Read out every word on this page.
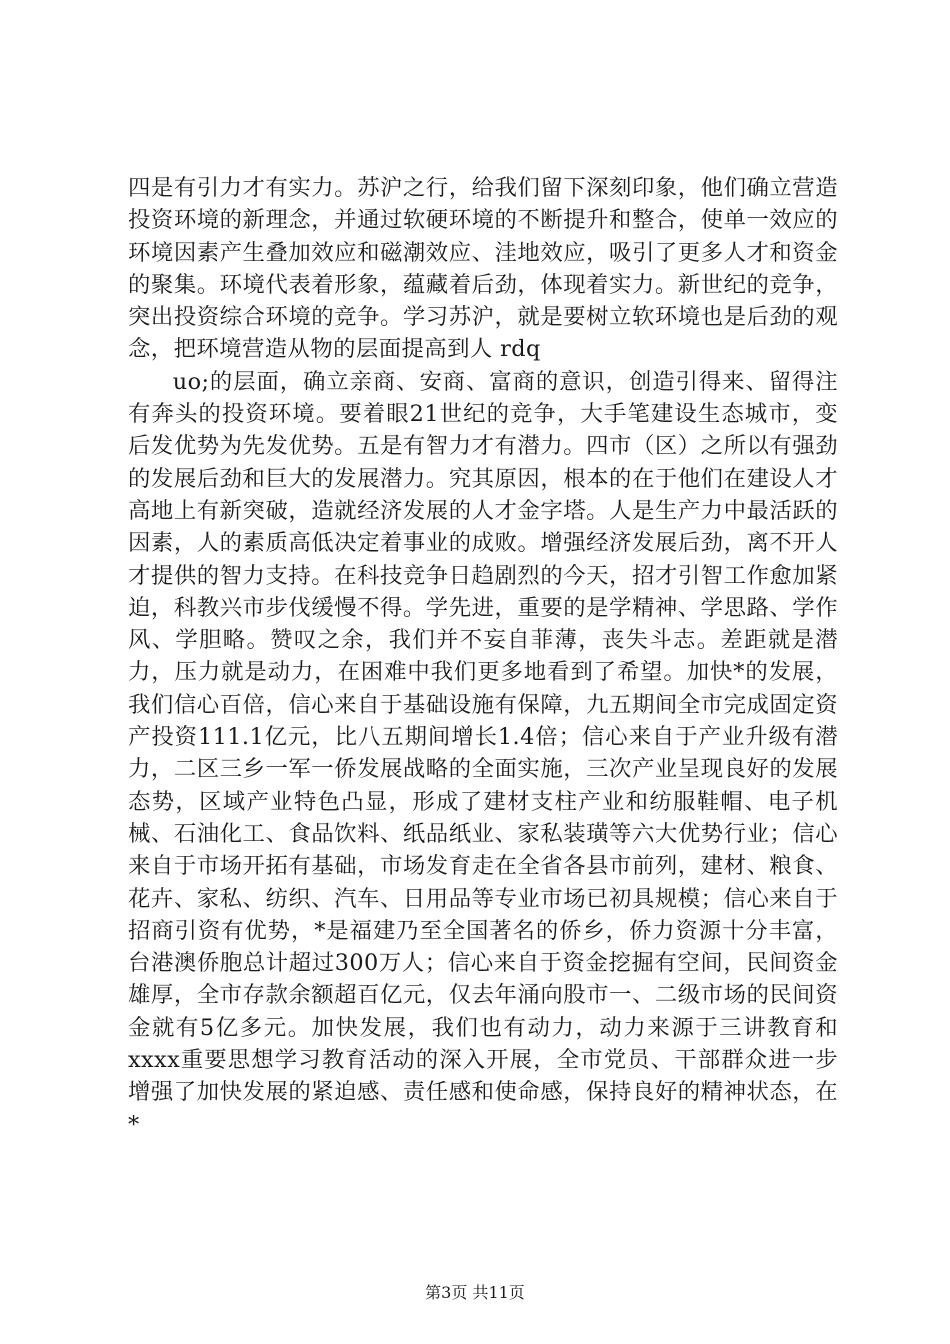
四是有引力才有实力。苏沪之行，给我们留下深刻印象，他们确立营造投资环境的新理念，并通过软硬环境的不断提升和整合，使单一效应的环境因素产生叠加效应和磁潮效应、洼地效应，吸引了更多人才和资金的聚集。环境代表着形象，蕴藏着后劲，体现着实力。新世纪的竞争，突出投资综合环境的竞争。学习苏沪，就是要树立软环境也是后劲的观念，把环境营造从物的层面提高到人 rdq

uo;的层面，确立亲商、安商、富商的意识，创造引得来、留得注有奔头的投资环境。要着眼21世纪的竞争，大手笔建设生态城市，变后发优势为先发优势。五是有智力才有潜力。四市（区）之所以有强劲的发展后劲和巨大的发展潜力。究其原因，根本的在于他们在建设人才高地上有新突破，造就经济发展的人才金字塔。人是生产力中最活跃的因素，人的素质高低决定着事业的成败。增强经济发展后劲，离不开人才提供的智力支持。在科技竞争日趋剧烈的今天，招才引智工作愈加紧迫，科教兴市步伐缓慢不得。学先进，重要的是学精神、学思路、学作风、学胆略。赞叹之余，我们并不妄自菲薄，丧失斗志。差距就是潜力，压力就是动力，在困难中我们更多地看到了希望。加快*的发展，我们信心百倍，信心来自于基础设施有保障，九五期间全市完成固定资产投资111.1亿元，比八五期间增长1.4倍；信心来自于产业升级有潜力，二区三乡一军一侨发展战略的全面实施，三次产业呈现良好的发展态势，区域产业特色凸显，形成了建材支柱产业和纺服鞋帽、电子机械、石油化工、食品饮料、纸品纸业、家私装璜等六大优势行业；信心来自于市场开拓有基础，市场发育走在全省各县市前列，建材、粮食、花卉、家私、纺织、汽车、日用品等专业市场已初具规模；信心来自于招商引资有优势，*是福建乃至全国著名的侨乡，侨力资源十分丰富，台港澳侨胞总计超过300万人；信心来自于资金挖掘有空间，民间资金雄厚，全市存款余额超百亿元，仅去年涌向股市一、二级市场的民间资金就有5亿多元。加快发展，我们也有动力，动力来源于三讲教育和xxxx重要思想学习教育活动的深入开展，全市党员、干部群众进一步增强了加快发展的紧迫感、责任感和使命感，保持良好的精神状态，在*

第3页 共11页
